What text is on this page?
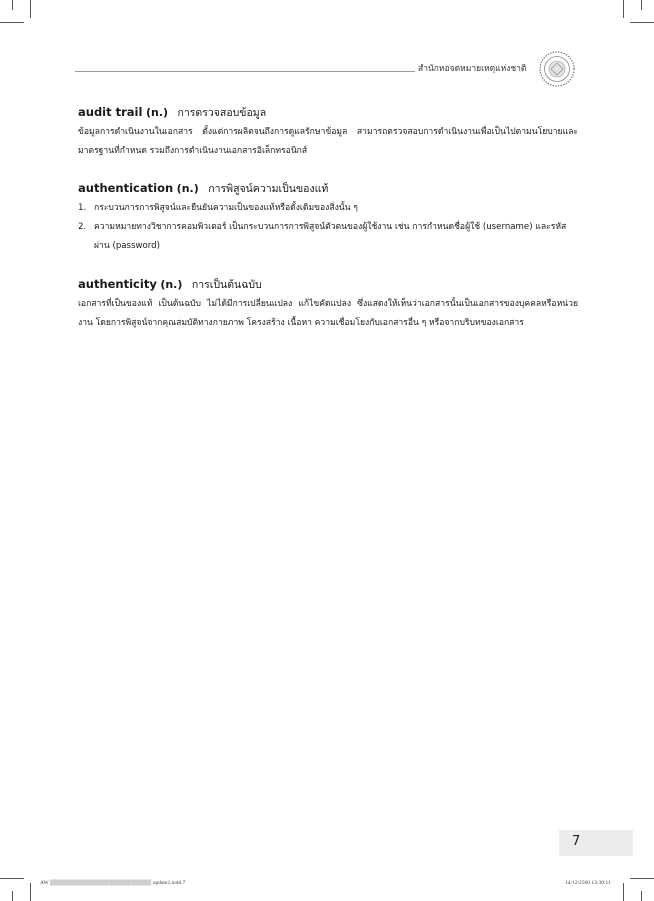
สำนักหอจดหมายเหตุแห่งชาติ
audit trail (n.) การตรวจสอบข้อมูล
ข้อมูลการดำเนินงานในเอกสาร ตั้งแต่การผลิตจนถึงการดูแลรักษาข้อมูล สามารถตรวจสอบการดำเนินงานเพื่อเป็นไปตามนโยบายและมาตรฐานที่กำหนด รวมถึงการดำเนินงานเอกสารอิเล็กทรอนิกส์
authentication (n.) การพิสูจน์ความเป็นของแท้
1. กระบวนการการพิสูจน์และยืนยันความเป็นของแท้หรือดั้งเดิมของสิ่งนั้น ๆ
2. ความหมายทางวิชาการคอมพิวเตอร์ เป็นกระบวนการการพิสูจน์ตัวตนของผู้ใช้งาน เช่น การกำหนดชื่อผู้ใช้ (username) และรหัสผ่าน (password)
authenticity (n.) การเป็นต้นฉบับ
เอกสารที่เป็นของแท้ เป็นต้นฉบับ ไม่ได้มีการเปลี่ยนแปลง แก้ไขคัดแปลง ซึ่งแสดงให้เห็นว่าเอกสารนั้นเป็นเอกสารของบุคคลหรือหน่วยงาน โดยการพิสูจน์จากคุณสมบัติทางกายภาพ โครงสร้าง เนื้อหา ความเชื่อมโยงกับเอกสารอื่น ๆ หรือจากบริบทของเอกสาร
7
AW ▒▒▒▒▒▒▒▒▒▒▒▒▒▒▒▒▒▒▒▒▒▒▒▒▒▒ update2.indd 7	14/12/2560 13:30:11
